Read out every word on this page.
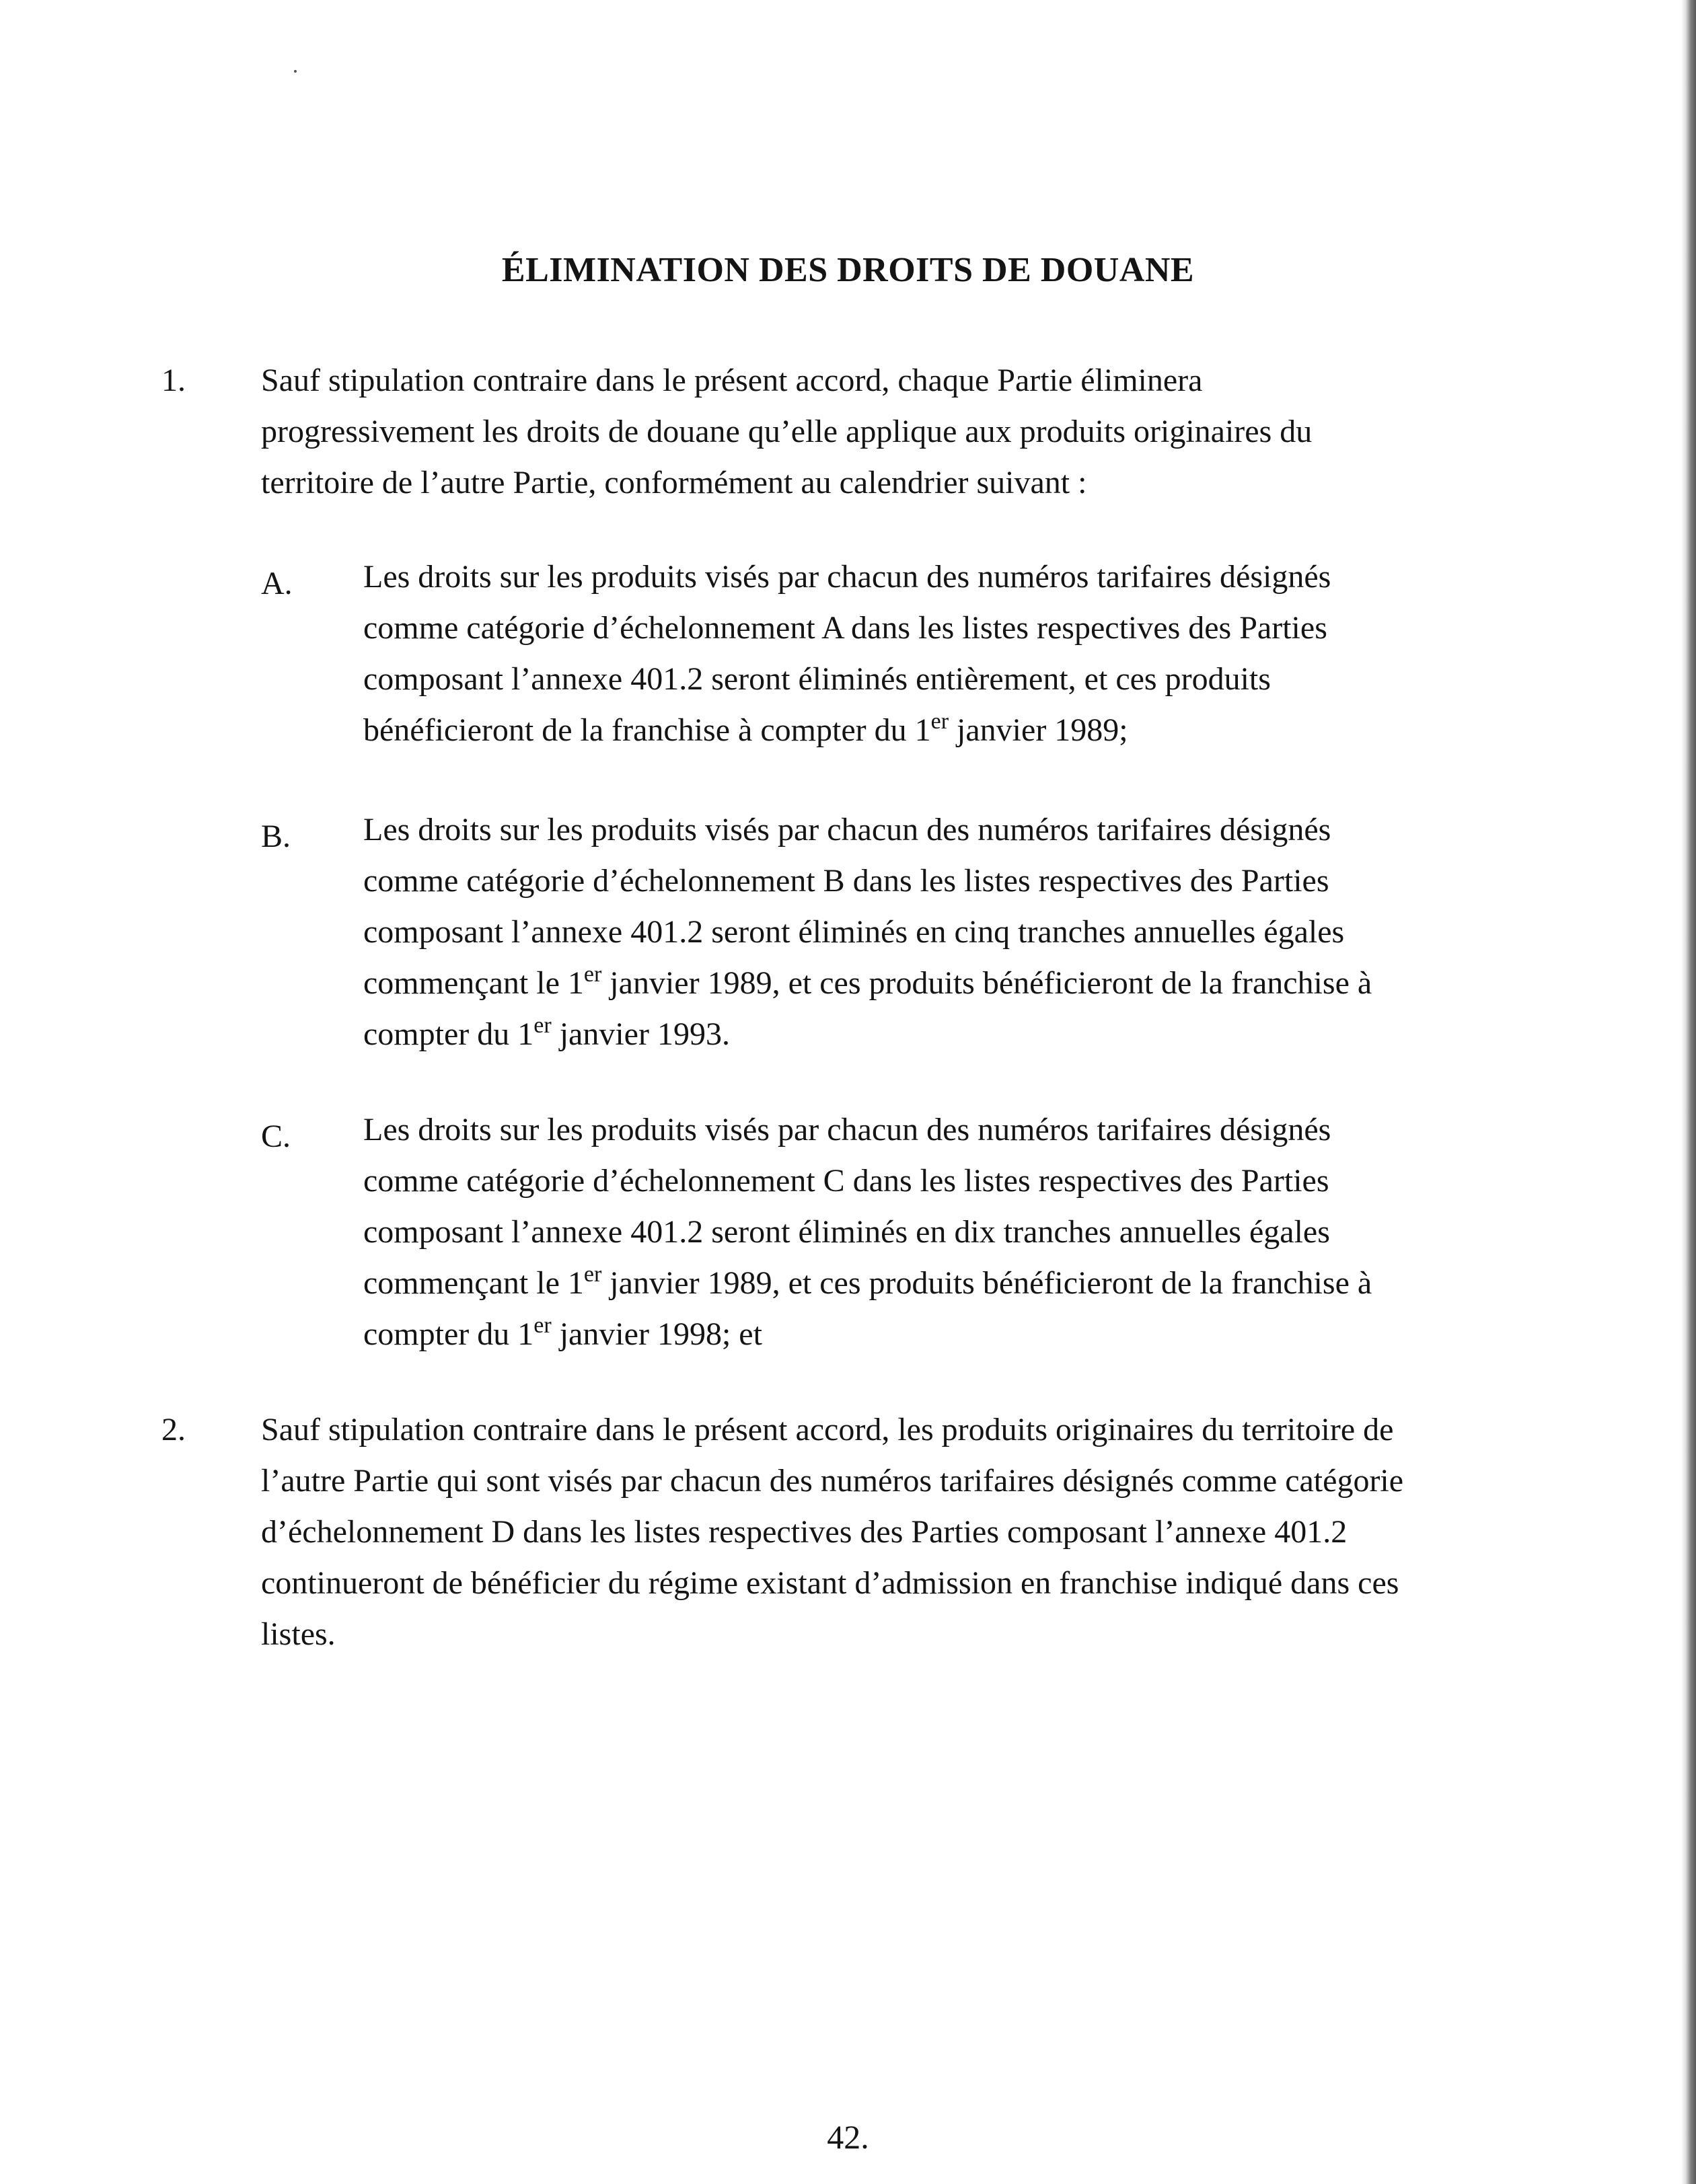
ÉLIMINATION DES DROITS DE DOUANE
1. Sauf stipulation contraire dans le présent accord, chaque Partie éliminera
progressivement les droits de douane qu’elle applique aux produits originaires du
territoire de l’autre Partie, conformément au calendrier suivant :

A. Les droits sur les produits visés par chacun des numéros tarifaires désignés
comme catégorie d’échelonnement A dans les listes respectives des Parties
composant l’annexe 401.2 seront éliminés entièrement, et ces produits
bénéficieront de la franchise à compter du 1er janvier 1989;

B. Les droits sur les produits visés par chacun des numéros tarifaires désignés
comme catégorie d’échelonnement B dans les listes respectives des Parties
composant l’annexe 401.2 seront éliminés en cinq tranches annuelles égales
commençant le 1er janvier 1989, et ces produits bénéficieront de la franchise à
compter du 1er janvier 1993.

C. Les droits sur les produits visés par chacun des numéros tarifaires désignés
comme catégorie d’échelonnement C dans les listes respectives des Parties
composant l’annexe 401.2 seront éliminés en dix tranches annuelles égales
commençant le 1er janvier 1989, et ces produits bénéficieront de la franchise à
compter du 1er janvier 1998; et

2. Sauf stipulation contraire dans le présent accord, les produits originaires du territoire de
l’autre Partie qui sont visés par chacun des numéros tarifaires désignés comme catégorie
d’échelonnement D dans les listes respectives des Parties composant l’annexe 401.2
continueront de bénéficier du régime existant d’admission en franchise indiqué dans ces
listes.

42.
